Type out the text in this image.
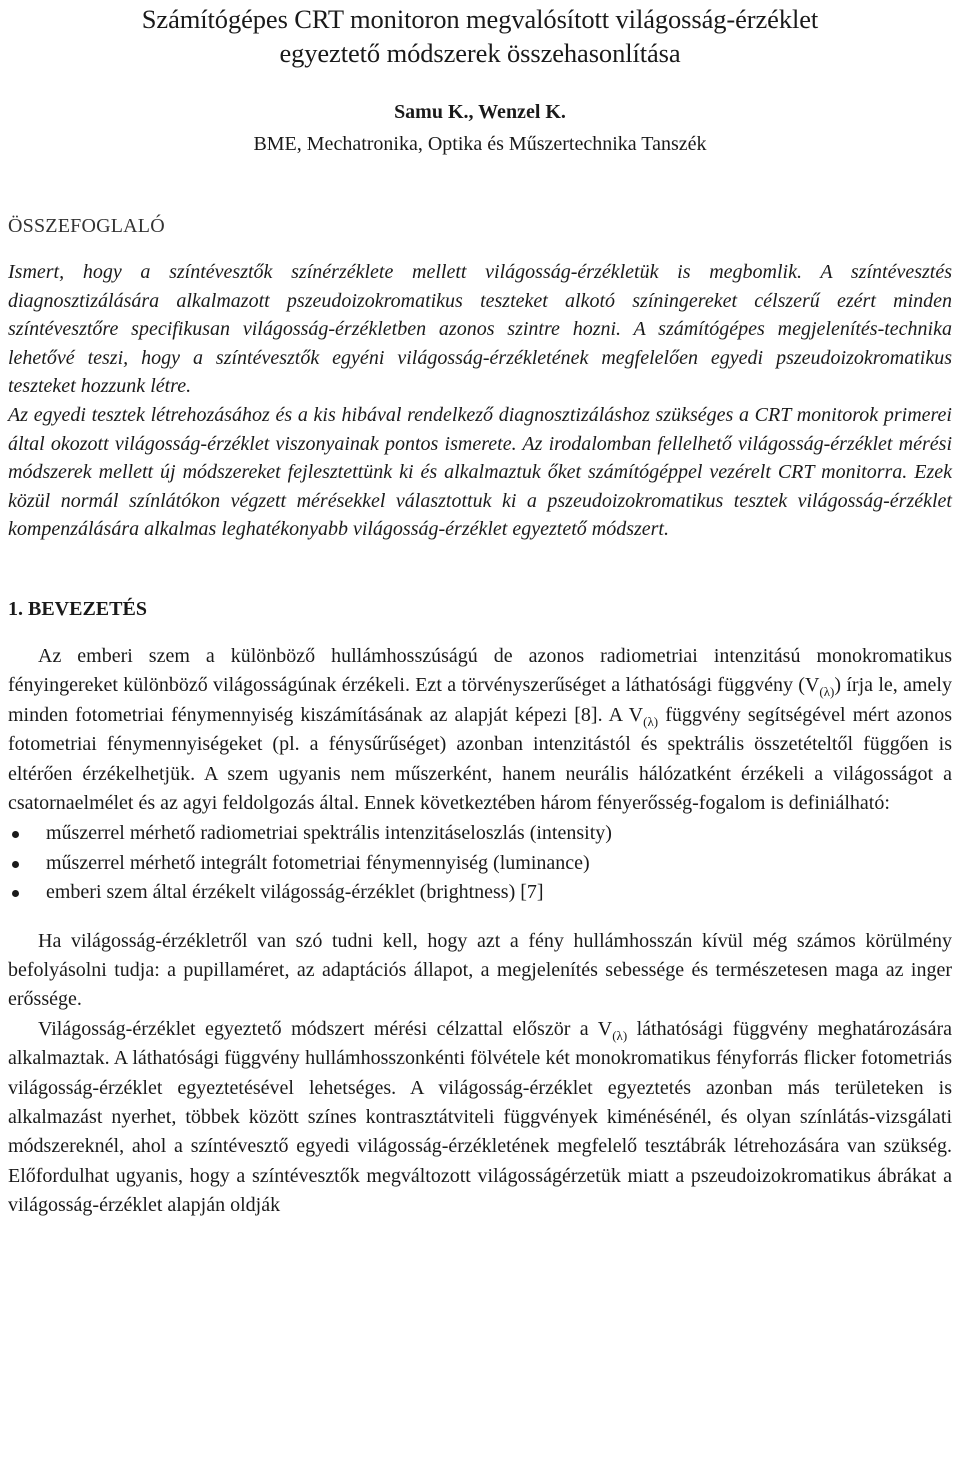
Számítógépes CRT monitoron megvalósított világosság-érzéklet
egyeztető módszerek összehasonlítása
Samu K., Wenzel K.
BME, Mechatronika, Optika és Műszertechnika Tanszék
ÖSSZEFOGLALÓ

Ismert, hogy a színtévesztők színérzéklete mellett világosság-érzékletük is megbomlik. A színtévesztés diagnosztizálására alkalmazott pszeudoizokromatikus teszteket alkotó színingereket célszerű ezért minden színtévesztőre specifikusan világosság-érzékletben azonos szintre hozni. A számítógépes megjelenítés-technika lehetővé teszi, hogy a színtévesztők egyéni világosság-érzékletének megfelelően egyedi pszeudoizokromatikus teszteket hozzunk létre.

Az egyedi tesztek létrehozásához és a kis hibával rendelkező diagnosztizáláshoz szükséges a CRT monitorok primerei által okozott világosság-érzéklet viszonyainak pontos ismerete. Az irodalomban fellelhető világosság-érzéklet mérési módszerek mellett új módszereket fejlesztettünk ki és alkalmaztuk őket számítógéppel vezérelt CRT monitorra. Ezek közül normál színlátókon végzett mérésekkel választottuk ki a pszeudoizokromatikus tesztek világosság-érzéklet kompenzálására alkalmas leghatékonyabb világosság-érzéklet egyeztető módszert.

1. BEVEZETÉS

Az emberi szem a különböző hullámhosszúságú de azonos radiometriai intenzitású monokromatikus fényingereket különböző világosságúnak érzékeli. Ezt a törvényszerűséget a láthatósági függvény $(V_{(\lambda)})$ írja le, amely minden fotometriai fénymennyiség kiszámításának az alapját képezi [8]. A $V_{(\lambda)}$ függvény segítségével mért azonos fotometriai fénymennyiségeket (pl. a fénysűrűséget) azonban intenzitástól és spektrális összetételtől függően is eltérően érzékelhetjük. A szem ugyanis nem műszerként, hanem neurális hálózatként érzékeli a világosságot a csatornaelmélet és az agyi feldolgozás által. Ennek következtében három fényerősség-fogalom is definiálható:

műszerrel mérhető radiometriai spektrális intenzitáseloszlás (intensity)
műszerrel mérhető integrált fotometriai fénymennyiség (luminance)
emberi szem által érzékelt világosság-érzéklet (brightness) [7]

Ha világosság-érzékletről van szó tudni kell, hogy azt a fény hullámhosszán kívül még számos körülmény befolyásolni tudja: a pupillaméret, az adaptációs állapot, a megjelenítés sebessége és természetesen maga az inger erőssége.

Világosság-érzéklet egyeztető módszert mérési célzattal először a $V_{(\lambda)}$ láthatósági függvény meghatározására alkalmaztak. A láthatósági függvény hullámhosszonkénti fölvétele két monokromatikus fényforrás flicker fotometriás világosság-érzéklet egyeztetésével lehetséges. A világosság-érzéklet egyeztetés azonban más területeken is alkalmazást nyerhet, többek között színes kontrasztátviteli függvények kiménésénél, és olyan színlátás-vizsgálati módszereknél, ahol a színtévesztő egyedi világosság-érzékletének megfelelő tesztábrák létrehozására van szükség. Előfordulhat ugyanis, hogy a színtévesztők megváltozott világosságérzetük miatt a pszeudoizokromatikus ábrákat a világosság-érzéklet alapján oldják
